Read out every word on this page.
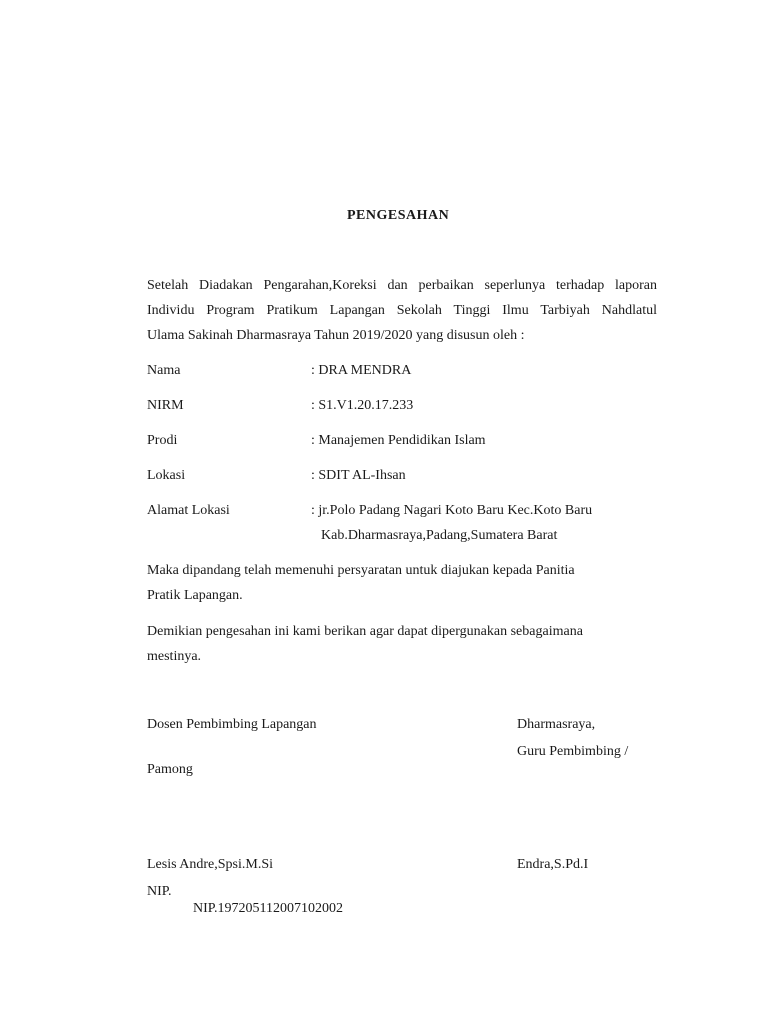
PENGESAHAN
Setelah Diadakan Pengarahan,Koreksi dan perbaikan seperlunya terhadap laporan
Individu Program Pratikum Lapangan Sekolah Tinggi Ilmu Tarbiyah Nahdlatul
Ulama Sakinah Dharmasraya Tahun 2019/2020 yang disusun oleh :
Nama	: DRA MENDRA
NIRM	: S1.V1.20.17.233
Prodi	: Manajemen Pendidikan Islam
Lokasi	: SDIT AL-Ihsan
Alamat Lokasi	: jr.Polo Padang Nagari Koto Baru Kec.Koto Baru
Kab.Dharmasraya,Padang,Sumatera Barat
Maka dipandang telah memenuhi persyaratan untuk diajukan kepada Panitia
Pratik Lapangan.
Demikian pengesahan ini kami berikan agar dapat dipergunakan sebagaimana
mestinya.
Dosen Pembimbing Lapangan	Dharmasraya,
Guru Pembimbing /
Pamong
Lesis Andre,Spsi.M.Si	Endra,S.Pd.I
NIP.
NIP.197205112007102002
